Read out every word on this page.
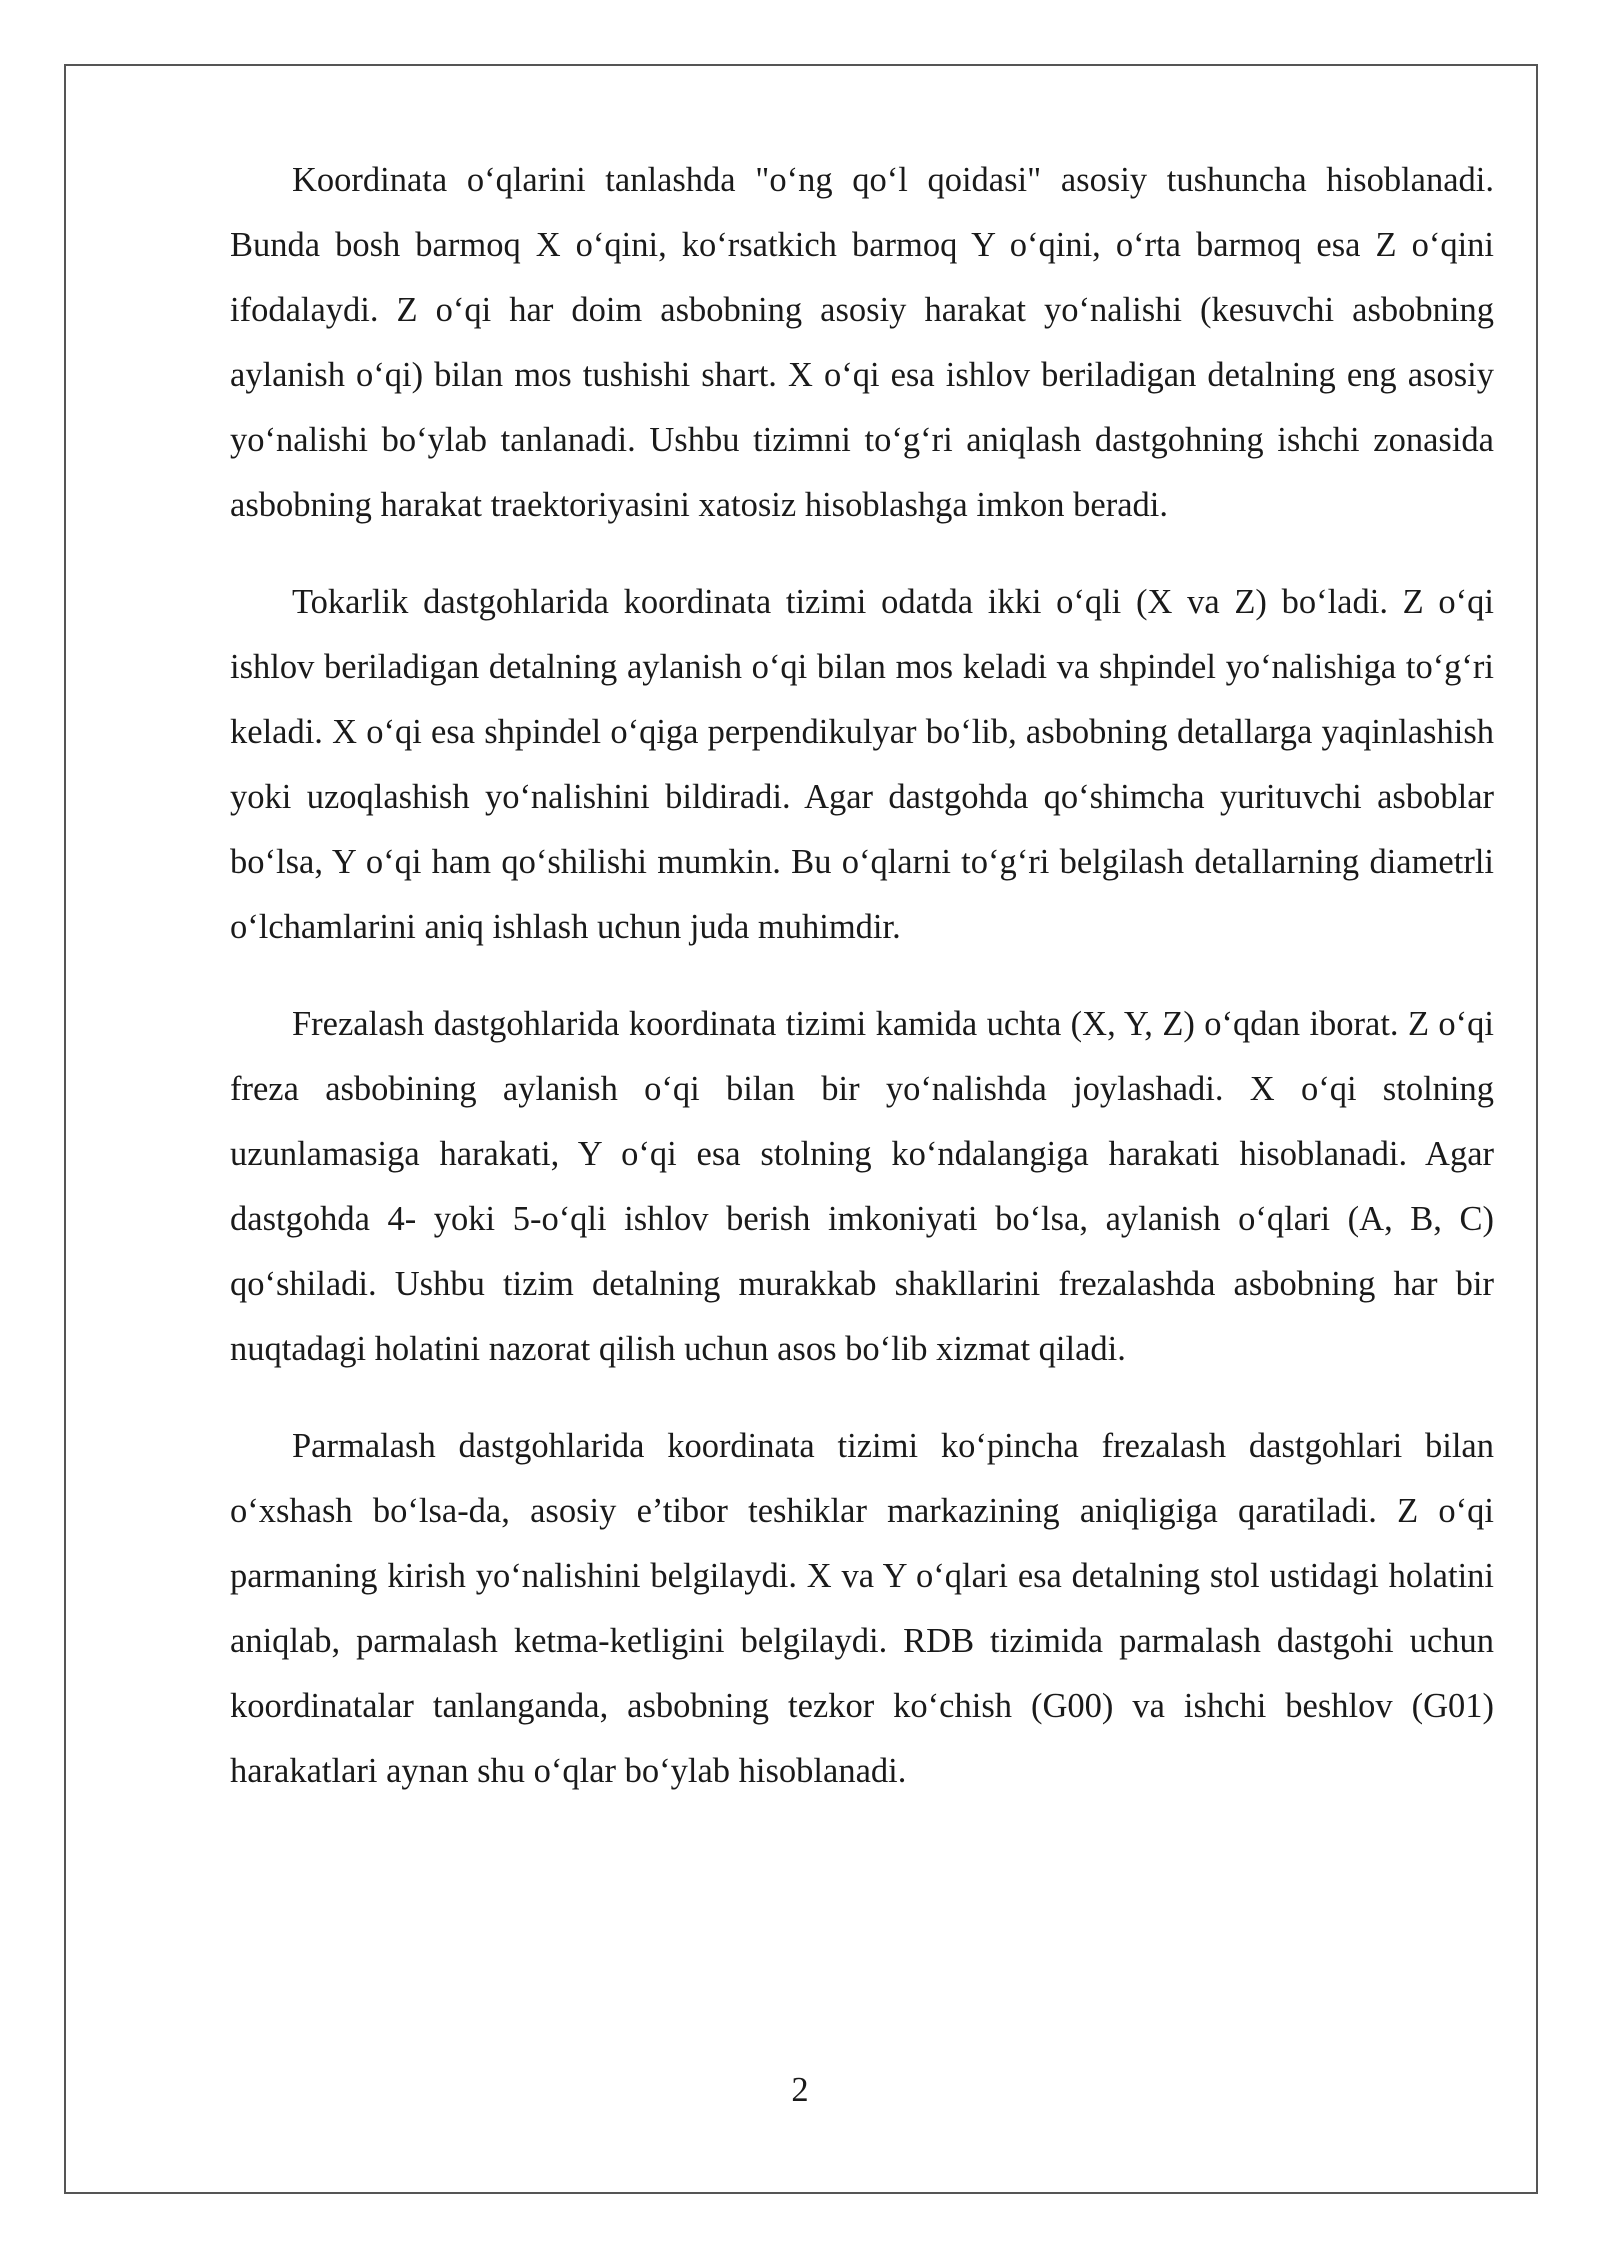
Koordinata o‘qlarini tanlashda "o‘ng qo‘l qoidasi" asosiy tushuncha hisoblanadi. Bunda bosh barmoq X o‘qini, ko‘rsatkich barmoq Y o‘qini, o‘rta barmoq esa Z o‘qini ifodalaydi. Z o‘qi har doim asbobning asosiy harakat yo‘nalishi (kesuvchi asbobning aylanish o‘qi) bilan mos tushishi shart. X o‘qi esa ishlov beriladigan detalning eng asosiy yo‘nalishi bo‘ylab tanlanadi. Ushbu tizimni to‘g‘ri aniqlash dastgohning ishchi zonasida asbobning harakat traektoriyasini xatosiz hisoblashga imkon beradi.

Tokarlik dastgohlarida koordinata tizimi odatda ikki o‘qli (X va Z) bo‘ladi. Z o‘qi ishlov beriladigan detalning aylanish o‘qi bilan mos keladi va shpindel yo‘nalishiga to‘g‘ri keladi. X o‘qi esa shpindel o‘qiga perpendikulyar bo‘lib, asbobning detallarga yaqinlashish yoki uzoqlashish yo‘nalishini bildiradi. Agar dastgohda qo‘shimcha yurituvchi asboblar bo‘lsa, Y o‘qi ham qo‘shilishi mumkin. Bu o‘qlarni to‘g‘ri belgilash detallarning diametrli o‘lchamlarini aniq ishlash uchun juda muhimdir.

Frezalash dastgohlarida koordinata tizimi kamida uchta (X, Y, Z) o‘qdan iborat. Z o‘qi freza asbobining aylanish o‘qi bilan bir yo‘nalishda joylashadi. X o‘qi stolning uzunlamasiga harakati, Y o‘qi esa stolning ko‘ndalangiga harakati hisoblanadi. Agar dastgohda 4- yoki 5-o‘qli ishlov berish imkoniyati bo‘lsa, aylanish o‘qlari (A, B, C) qo‘shiladi. Ushbu tizim detalning murakkab shakllarini frezalashda asbobning har bir nuqtadagi holatini nazorat qilish uchun asos bo‘lib xizmat qiladi.

Parmalash dastgohlarida koordinata tizimi ko‘pincha frezalash dastgohlari bilan o‘xshash bo‘lsa-da, asosiy e’tibor teshiklar markazining aniqligiga qaratiladi. Z o‘qi parmaning kirish yo‘nalishini belgilaydi. X va Y o‘qlari esa detalning stol ustidagi holatini aniqlab, parmalash ketma-ketligini belgilaydi. RDB tizimida parmalash dastgohi uchun koordinatalar tanlanganda, asbobning tezkor ko‘chish (G00) va ishchi beshlov (G01) harakatlari aynan shu o‘qlar bo‘ylab hisoblanadi.

2
